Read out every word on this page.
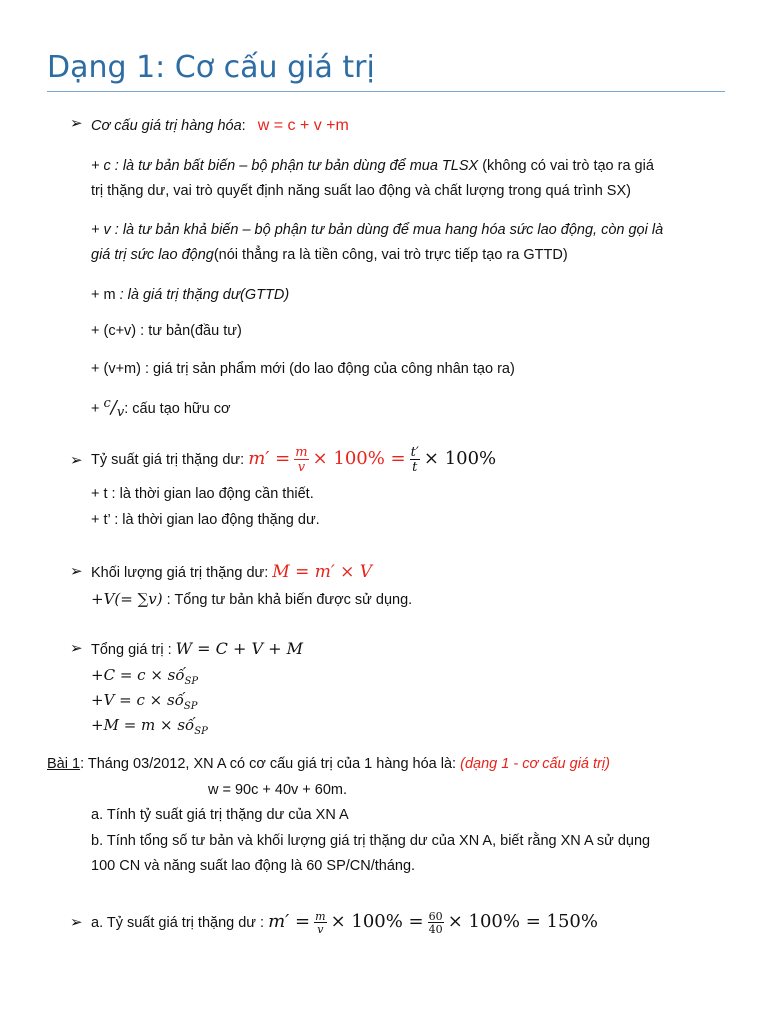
Dạng 1: Cơ cấu giá trị
➢ Cơ cấu giá trị hàng hóa: w = c + v +m
+ c : là tư bản bất biến – bộ phận tư bản dùng để mua TLSX (không có vai trò tạo ra giá
trị thặng dư, vai trò quyết định năng suất lao động và chất lượng trong quá trình SX)
+ v : là tư bản khả biến – bộ phận tư bản dùng để mua hang hóa sức lao động, còn gọi là
giá trị sức lao động(nói thẳng ra là tiền công, vai trò trực tiếp tạo ra GTTD)
+ m : là giá trị thặng dư(GTTD)
+ (c+v) : tư bản(đầu tư)
+ (v+m) : giá trị sản phẩm mới (do lao động của công nhân tạo ra)
+ c/v: cấu tạo hữu cơ
➢ Tỷ suất giá trị thặng dư: $m' = \frac{m}{v} \times 100\% = \frac{t'}{t} \times 100\%$
+ t : là thời gian lao động cần thiết.
+ t’ : là thời gian lao động thặng dư.
➢ Khối lượng giá trị thặng dư: M = m′ × V
+V(= ∑v) : Tổng tư bản khả biến được sử dụng.
➢ Tổng giá trị : W = C + V + M
+C = c × số$_{SP}$
+V = c × số$_{SP}$
+M = m × số$_{SP}$
Bài 1: Tháng 03/2012, XN A có cơ cấu giá trị của 1 hàng hóa là: (dạng 1 - cơ cấu giá trị)
w = 90c + 40v + 60m.
a. Tính tỷ suất giá trị thặng dư của XN A
b. Tính tổng số tư bản và khối lượng giá trị thặng dư của XN A, biết rằng XN A sử dụng
100 CN và năng suất lao động là 60 SP/CN/tháng.
➢ a. Tỷ suất giá trị thặng dư : $m' = \frac{m}{v} \times 100\% = \frac{60}{40} \times 100\% = 150\%$
